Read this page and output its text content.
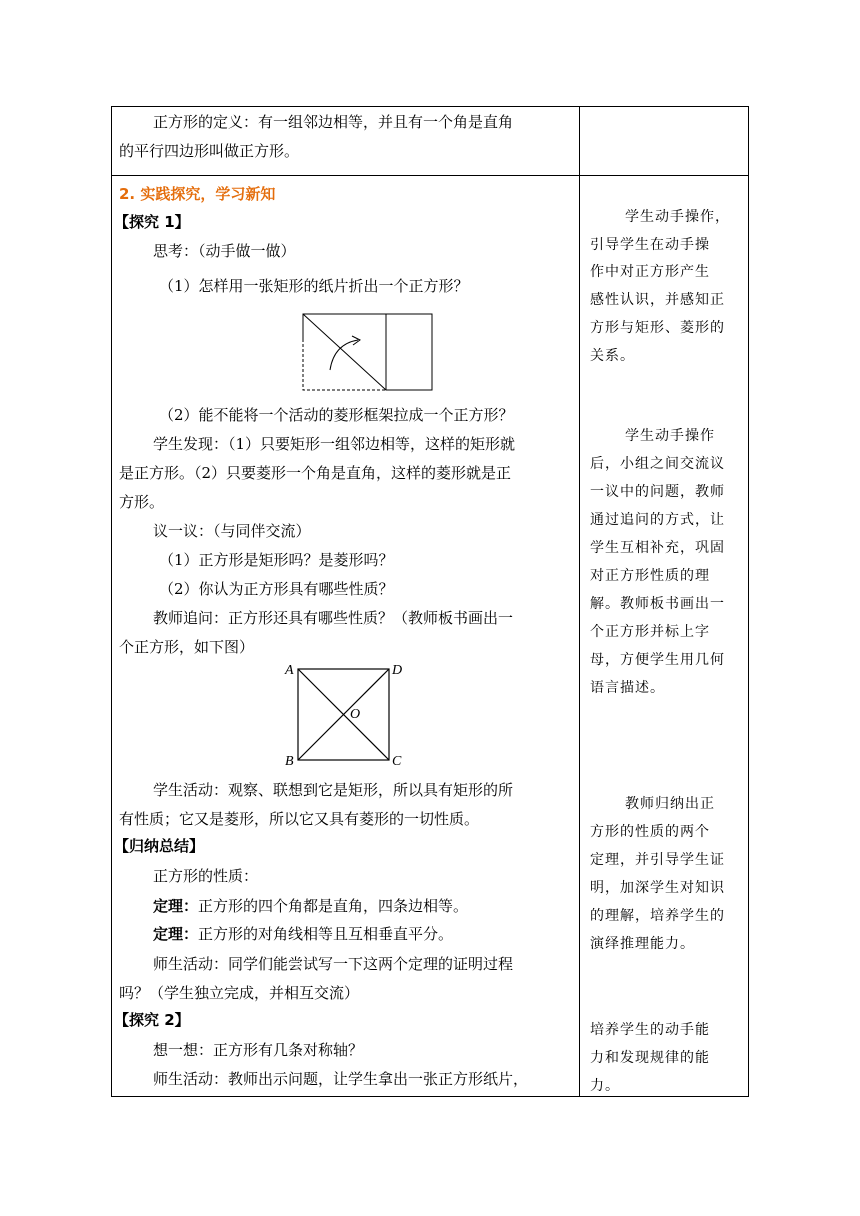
正方形的定义：有一组邻边相等，并且有一个角是直角
的平行四边形叫做正方形。
2. 实践探究，学习新知
【探究 1】
思考：（动手做一做）
（1）怎样用一张矩形的纸片折出一个正方形？
（2）能不能将一个活动的菱形框架拉成一个正方形？
学生发现：（1）只要矩形一组邻边相等，这样的矩形就
是正方形。（2）只要菱形一个角是直角，这样的菱形就是正
方形。
议一议：（与同伴交流）
（1）正方形是矩形吗？是菱形吗？
（2）你认为正方形具有哪些性质？
教师追问：正方形还具有哪些性质？（教师板书画出一
个正方形，如下图）
A	D
B	C
O
学生活动：观察、联想到它是矩形，所以具有矩形的所
有性质；它又是菱形，所以它又具有菱形的一切性质。
【归纳总结】
正方形的性质：
定理：正方形的四个角都是直角，四条边相等。
定理：正方形的对角线相等且互相垂直平分。
师生活动：同学们能尝试写一下这两个定理的证明过程
吗？（学生独立完成，并相互交流）
【探究 2】
想一想：正方形有几条对称轴？
师生活动：教师出示问题，让学生拿出一张正方形纸片，
学生动手操作，
引导学生在动手操
作中对正方形产生
感性认识，并感知正
方形与矩形、菱形的
关系。
学生动手操作
后，小组之间交流议
一议中的问题，教师
通过追问的方式，让
学生互相补充，巩固
对正方形性质的理
解。教师板书画出一
个正方形并标上字
母，方便学生用几何
语言描述。
教师归纳出正
方形的性质的两个
定理，并引导学生证
明，加深学生对知识
的理解，培养学生的
演绎推理能力。
培养学生的动手能
力和发现规律的能
力。
